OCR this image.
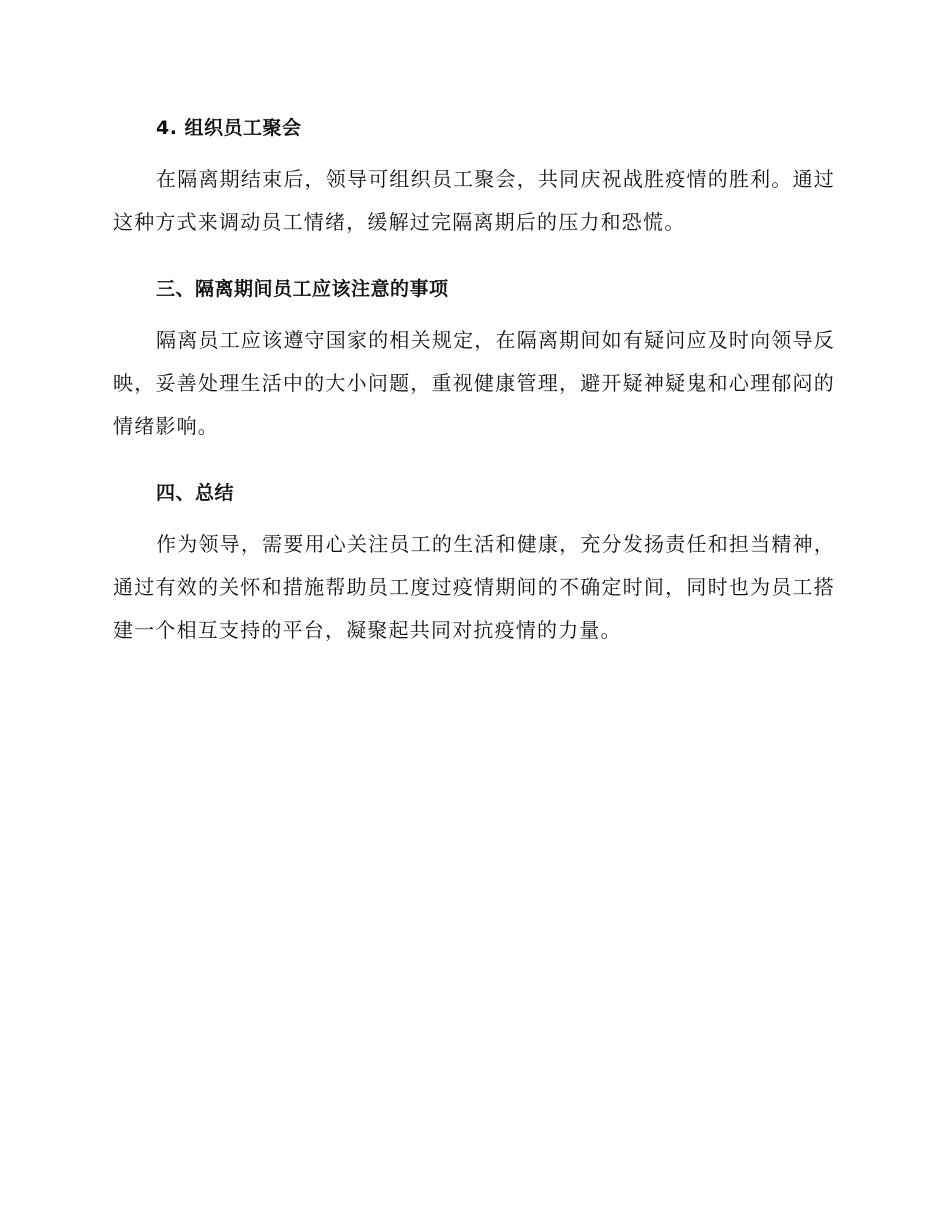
4. 组织员工聚会

在隔离期结束后，领导可组织员工聚会，共同庆祝战胜疫情的胜利。通过这种方式来调动员工情绪，缓解过完隔离期后的压力和恐慌。

三、隔离期间员工应该注意的事项

隔离员工应该遵守国家的相关规定，在隔离期间如有疑问应及时向领导反映，妥善处理生活中的大小问题，重视健康管理，避开疑神疑鬼和心理郁闷的情绪影响。

四、总结

作为领导，需要用心关注员工的生活和健康，充分发扬责任和担当精神，通过有效的关怀和措施帮助员工度过疫情期间的不确定时间，同时也为员工搭建一个相互支持的平台，凝聚起共同对抗疫情的力量。
